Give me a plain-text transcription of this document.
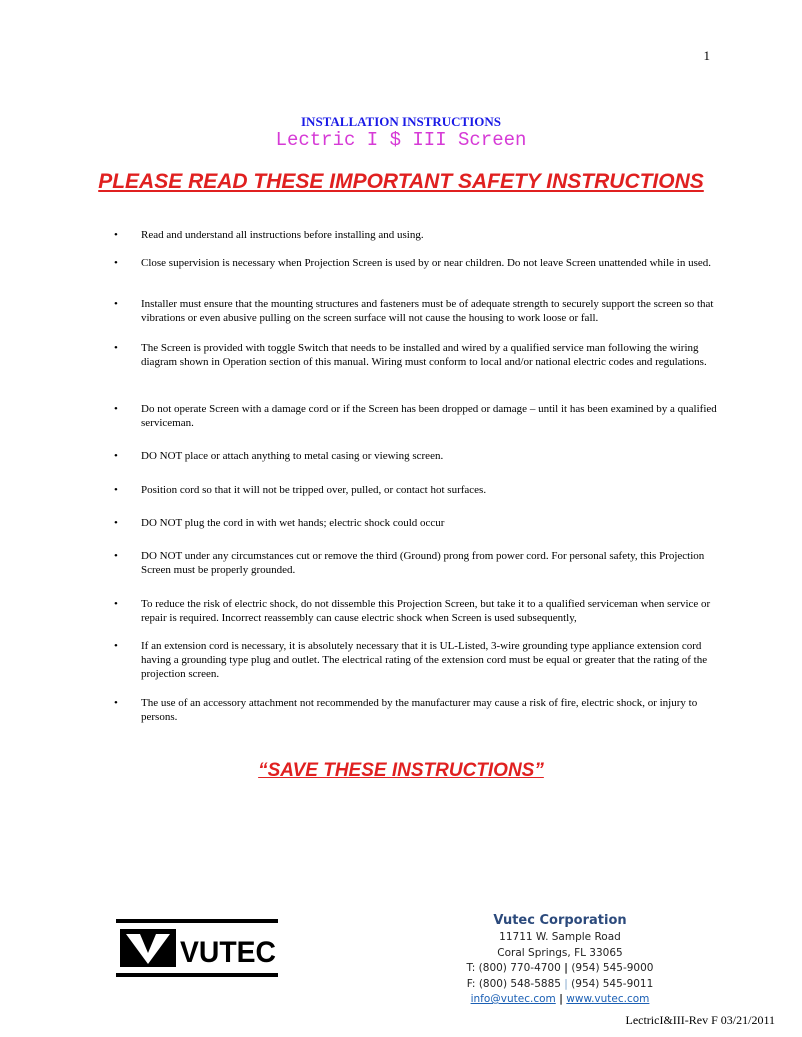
1
INSTALLATION INSTRUCTIONS
Lectric I $ III Screen
PLEASE READ THESE IMPORTANT SAFETY INSTRUCTIONS
•	Read and understand all instructions before installing and using.
•	Close supervision is necessary when Projection Screen is used by or near children. Do not leave Screen unattended while in used.
•	Installer must ensure that the mounting structures and fasteners must be of adequate strength to securely support the screen so that vibrations or even abusive pulling on the screen surface will not cause the housing to work loose or fall.
•	The Screen is provided with toggle Switch that needs to be installed and wired by a qualified service man following the wiring diagram shown in Operation section of this manual. Wiring must conform to local and/or national electric codes and regulations.
•	Do not operate Screen with a damage cord or if the Screen has been dropped or damage – until it has been examined by a qualified serviceman.
•	DO NOT place or attach anything to metal casing or viewing screen.
•	Position cord so that it will not be tripped over, pulled, or contact hot surfaces.
•	DO NOT plug the cord in with wet hands; electric shock could occur
•	DO NOT under any circumstances cut or remove the third (Ground) prong from power cord. For personal safety, this Projection Screen must be properly grounded.
•	To reduce the risk of electric shock, do not dissemble this Projection Screen, but take it to a qualified serviceman when service or repair is required. Incorrect reassembly can cause electric shock when Screen is used subsequently,
•	If an extension cord is necessary, it is absolutely necessary that it is UL-Listed, 3-wire grounding type appliance extension cord having a grounding type plug and outlet. The electrical rating of the extension cord must be equal or greater that the rating of the projection screen.
•	The use of an accessory attachment not recommended by the manufacturer may cause a risk of fire, electric shock, or injury to persons.
“SAVE THESE INSTRUCTIONS”
VUTEC
Vutec Corporation
11711 W. Sample Road
Coral Springs, FL 33065
T: (800) 770-4700 | (954) 545-9000
F: (800) 548-5885 | (954) 545-9011
info@vutec.com | www.vutec.com
LectricI&III-Rev F 03/21/2011
